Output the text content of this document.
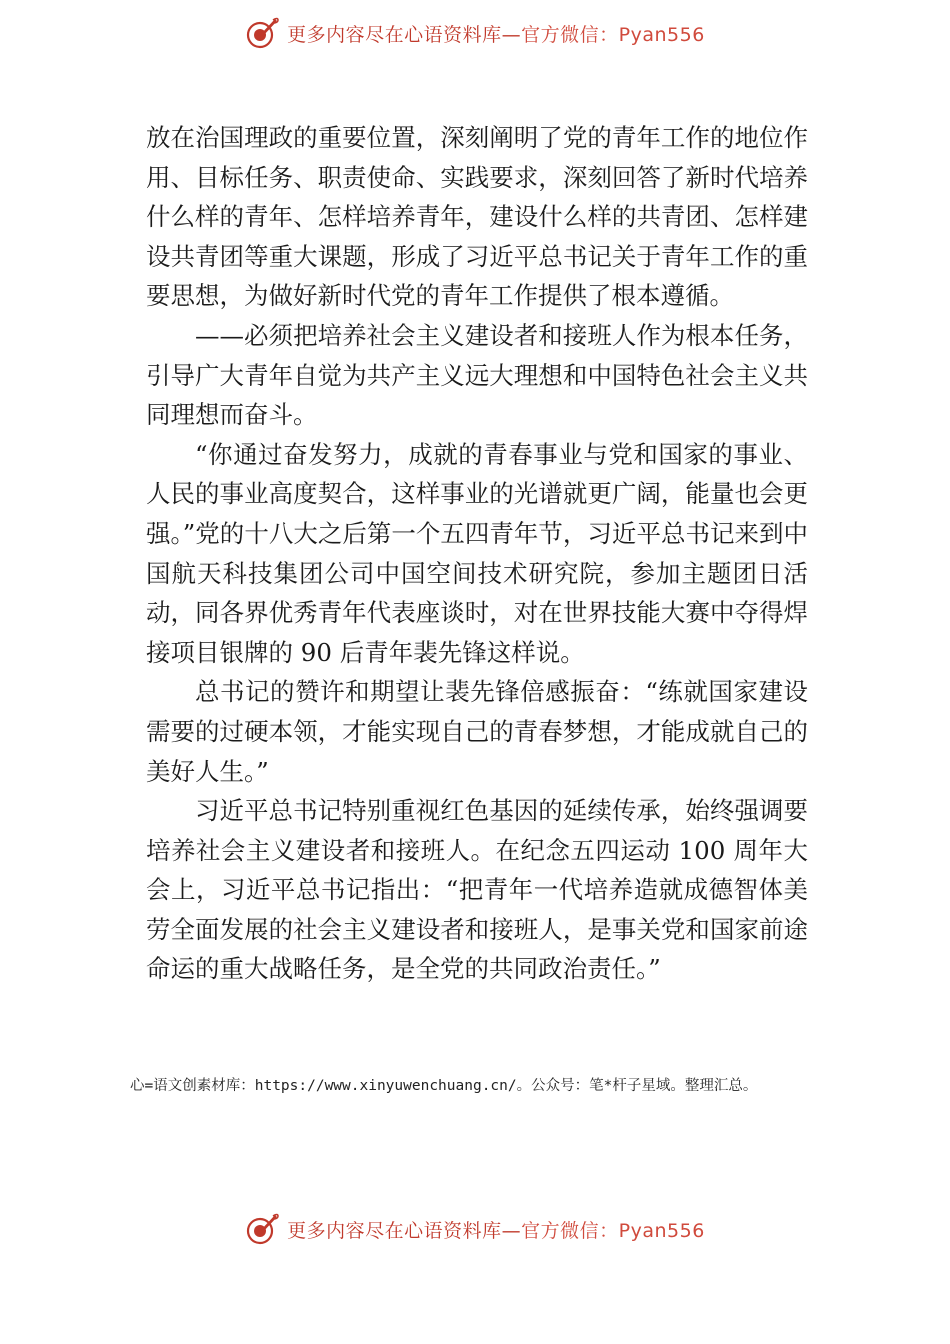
更多内容尽在心语资料库—官方微信：Pyan556

放在治国理政的重要位置，深刻阐明了党的青年工作的地位作用、目标任务、职责使命、实践要求，深刻回答了新时代培养什么样的青年、怎样培养青年，建设什么样的共青团、怎样建设共青团等重大课题，形成了习近平总书记关于青年工作的重要思想，为做好新时代党的青年工作提供了根本遵循。

——必须把培养社会主义建设者和接班人作为根本任务，引导广大青年自觉为共产主义远大理想和中国特色社会主义共同理想而奋斗。

“你通过奋发努力，成就的青春事业与党和国家的事业、人民的事业高度契合，这样事业的光谱就更广阔，能量也会更强。”党的十八大之后第一个五四青年节，习近平总书记来到中国航天科技集团公司中国空间技术研究院，参加主题团日活动，同各界优秀青年代表座谈时，对在世界技能大赛中夺得焊接项目银牌的 90 后青年裴先锋这样说。

总书记的赞许和期望让裴先锋倍感振奋：“练就国家建设需要的过硬本领，才能实现自己的青春梦想，才能成就自己的美好人生。”

习近平总书记特别重视红色基因的延续传承，始终强调要培养社会主义建设者和接班人。在纪念五四运动 100 周年大会上，习近平总书记指出：“把青年一代培养造就成德智体美劳全面发展的社会主义建设者和接班人，是事关党和国家前途命运的重大战略任务，是全党的共同政治责任。”

心=语文创素材库：https://www.xinyuwenchuang.cn/。公众号：笔*杆子星域。整理汇总。
更多内容尽在心语资料库—官方微信：Pyan556
